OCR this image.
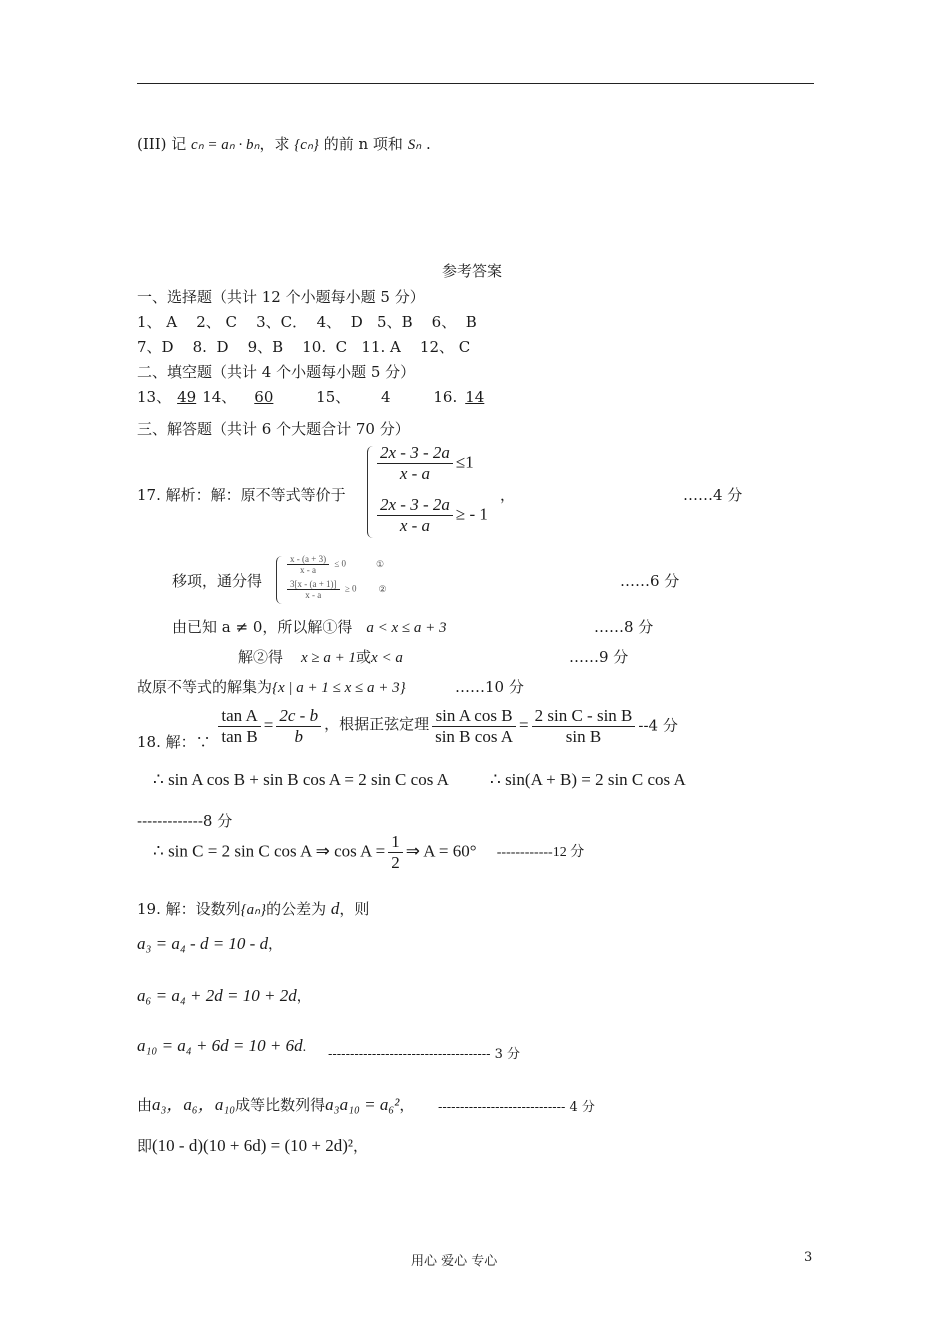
(III) 记 cₙ = aₙ · bₙ，求 {cₙ} 的前 n 项和 Sₙ .
参考答案
一、选择题（共计 12 个小题每小题 5 分）
1、 A    2、 C    3、C．  4、  D   5、B    6、  B
7、D    8.  D    9、B    10.  C   11. A    12、 C
二、填空题（共计 4 个小题每小题 5 分）
13、 49 14、 60	15、 4	16. 14
三、解答题（共计 6 个大题合计 70 分）
17. 解析：解：原不等式等价于
$\frac{2x - 3 - 2a}{x - a} \le 1$
$\frac{2x - 3 - 2a}{x - a}$ ≥ - 1
，	……4 分
移项，通分得
$\frac{x - (a + 3)}{x - a} \le 0$	①
$\frac{3[x - (a + 1)]}{x - a} \ge 0$ ②	……6 分
由已知 a ≠ 0，所以解①得 a < x ≤ a + 3	……8 分
解②得 x ≥ a + 1或x < a	……9 分
故原不等式的解集为{x | a + 1 ≤ x ≤ a + 3}	……10 分
18. 解：∵ $\frac{\text{tan A}}{\text{tan B}} = \frac{2c - b}{b}$ ，根据正弦定理 $\frac{\text{sin A cos B}}{\text{sin B cos A}} = \frac{\text{2 sin C - sin B}}{\text{sin B}} --4$ 分
∴ sin A cos B + sin B cos A = 2 sin C cos A ∴ sin(A + B) = 2 sin C cos A
-------------8 分
∴ sin C = 2 sin C cos A ⇒ $\cos A = \frac{1}{2}$ ⇒ A = 60° ------------12 分
19. 解：设数列{aₙ}的公差为 d，则
a₃ = a₄ - d = 10 - d，
a₆ = a₄ + 2d = 10 + 2d，
a₁₀ = a₄ + 6d = 10 + 6d. ------------------------------------- 3 分
由a₃，a₆，a₁₀成等比数列得a₃a₁₀ = a₆²， ----------------------------- 4 分
即(10 - d)(10 + 6d) = (10 + 2d)²，
用心 爱心 专心	3
